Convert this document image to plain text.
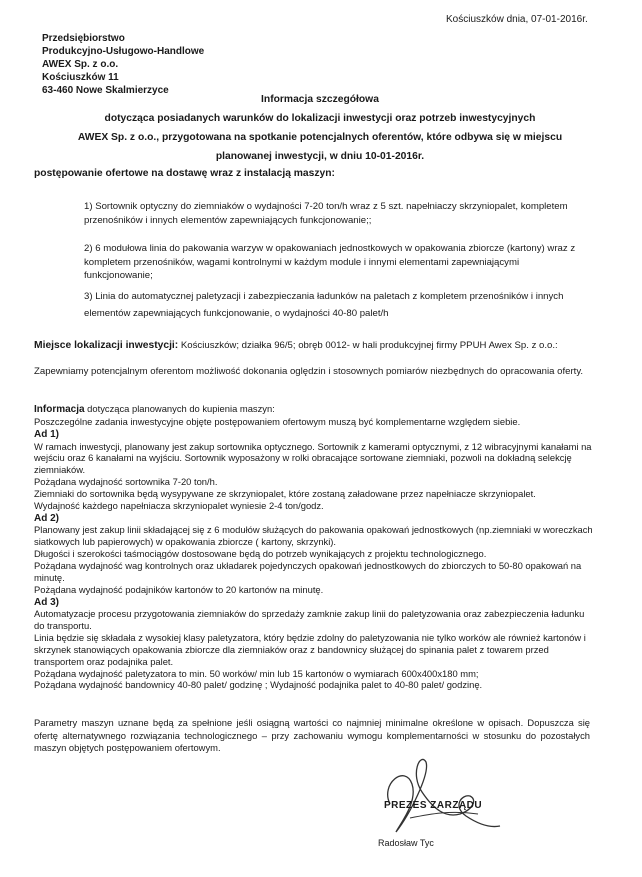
Kościuszków dnia, 07-01-2016r.
Przedsiębiorstwo
Produkcyjno-Usługowo-Handlowe
AWEX Sp. z o.o.
Kościuszków 11
63-460 Nowe Skalmierzyce
Informacja szczegółowa
dotycząca posiadanych warunków do lokalizacji inwestycji oraz potrzeb inwestycyjnych
AWEX Sp. z o.o., przygotowana na spotkanie potencjalnych oferentów, które odbywa się w miejscu
planowanej inwestycji, w dniu 10-01-2016r.
postępowanie ofertowe na dostawę wraz z instalacją maszyn:
1) Sortownik optyczny do ziemniaków o wydajności 7-20 ton/h wraz z 5 szt. napełniaczy skrzyniopalet, kompletem przenośników i innych elementów zapewniających funkcjonowanie;;
2) 6 modułowa linia do pakowania warzyw w opakowaniach jednostkowych w opakowania zbiorcze (kartony) wraz z kompletem przenośników, wagami kontrolnymi w każdym module i innymi elementami zapewniającymi funkcjonowanie;
3) Linia do automatycznej paletyzacji i zabezpieczania ładunków na paletach z kompletem przenośników i innych elementów zapewniających funkcjonowanie, o wydajności 40-80 palet/h
Miejsce lokalizacji inwestycji: Kościuszków; działka 96/5; obręb 0012- w hali produkcyjnej firmy PPUH Awex Sp. z o.o.:
Zapewniamy potencjalnym oferentom możliwość dokonania oględzin i stosownych pomiarów niezbędnych do opracowania oferty.

Informacja dotycząca planowanych do kupienia maszyn:

Poszczególne zadania inwestycyjne objęte postępowaniem ofertowym muszą być komplementarne względem siebie.

Ad 1)

W ramach inwestycji, planowany jest zakup sortownika optycznego. Sortownik z kamerami optycznymi, z 12 wibracyjnymi kanałami na wejściu oraz 6 kanałami na wyjściu. Sortownik wyposażony w rolki obracające sortowane ziemniaki, pozwoli na dokładną selekcję ziemniaków.

Pożądana wydajność sortownika 7-20 ton/h.

Ziemniaki do sortownika będą wysypywane ze skrzyniopalet, które zostaną załadowane przez napełniacze skrzyniopalet.

Wydajność każdego napełniacza skrzyniopalet wyniesie 2-4 ton/godz.

Ad 2)

Planowany jest zakup linii składającej się z 6 modułów służących do pakowania opakowań jednostkowych (np.ziemniaki w woreczkach siatkowych lub papierowych) w opakowania zbiorcze ( kartony, skrzynki).

Długości i szerokości taśmociągów dostosowane będą do potrzeb wynikających z projektu technologicznego.

Pożądana wydajność wag kontrolnych oraz układarek pojedynczych opakowań jednostkowych do zbiorczych to 50-80 opakowań na minutę.

Pożądana wydajność podajników kartonów to 20 kartonów na minutę.

Ad 3)

Automatyzacje procesu przygotowania ziemniaków do sprzedaży zamknie zakup linii do paletyzowania oraz zabezpieczenia ładunku do transportu.

Linia będzie się składała z wysokiej klasy paletyzatora, który będzie zdolny do paletyzowania nie tylko worków ale również kartonów i skrzynek stanowiących opakowania zbiorcze dla ziemniaków oraz z bandownicy służącej do spinania palet z towarem przed transportem oraz podajnika palet.

Pożądana wydajność paletyzatora to min. 50 worków/ min lub 15 kartonów o wymiarach 600x400x180 mm;

Pożądana wydajność bandownicy 40-80 palet/ godzinę ; Wydajność podajnika palet to 40-80 palet/ godzinę.

Parametry maszyn uznane będą za spełnione jeśli osiągną wartości co najmniej minimalne określone w opisach. Dopuszcza się ofertę alternatywnego rozwiązania technologicznego – przy zachowaniu wymogu komplementarności w stosunku do pozostałych maszyn objętych postępowaniem ofertowym.
PREZES ZARZĄDU
Radosław Tyc
